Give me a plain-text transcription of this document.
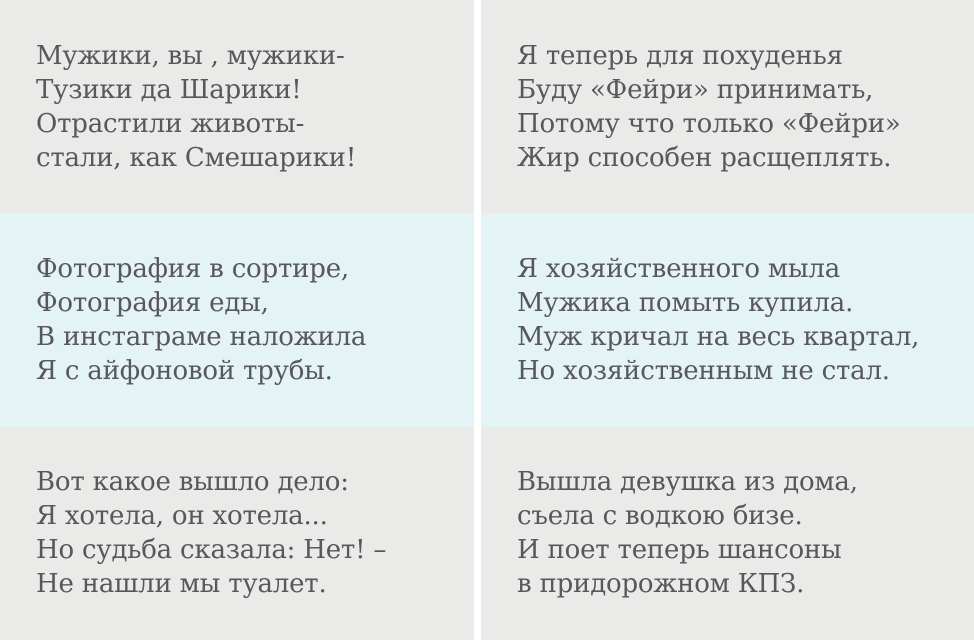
Мужики, вы , мужики-

Тузики да Шарики!

Отрастили животы-

стали, как Смешарики!

Я теперь для похуденья

Буду «Фейри» принимать,

Потому что только «Фейри»

Жир способен расщеплять.

Фотография в сортире,

Фотография еды,

В инстаграме наложила

Я с айфоновой трубы.

Я хозяйственного мыла

Мужика помыть купила.

Муж кричал на весь квартал,

Но хозяйственным не стал.

Вот какое вышло дело:

Я хотела, он хотела...

Но судьба сказала: Нет! –

Не нашли мы туалет.

Вышла девушка из дома,

съела с водкою бизе.

И поет теперь шансоны

в придорожном КПЗ.
